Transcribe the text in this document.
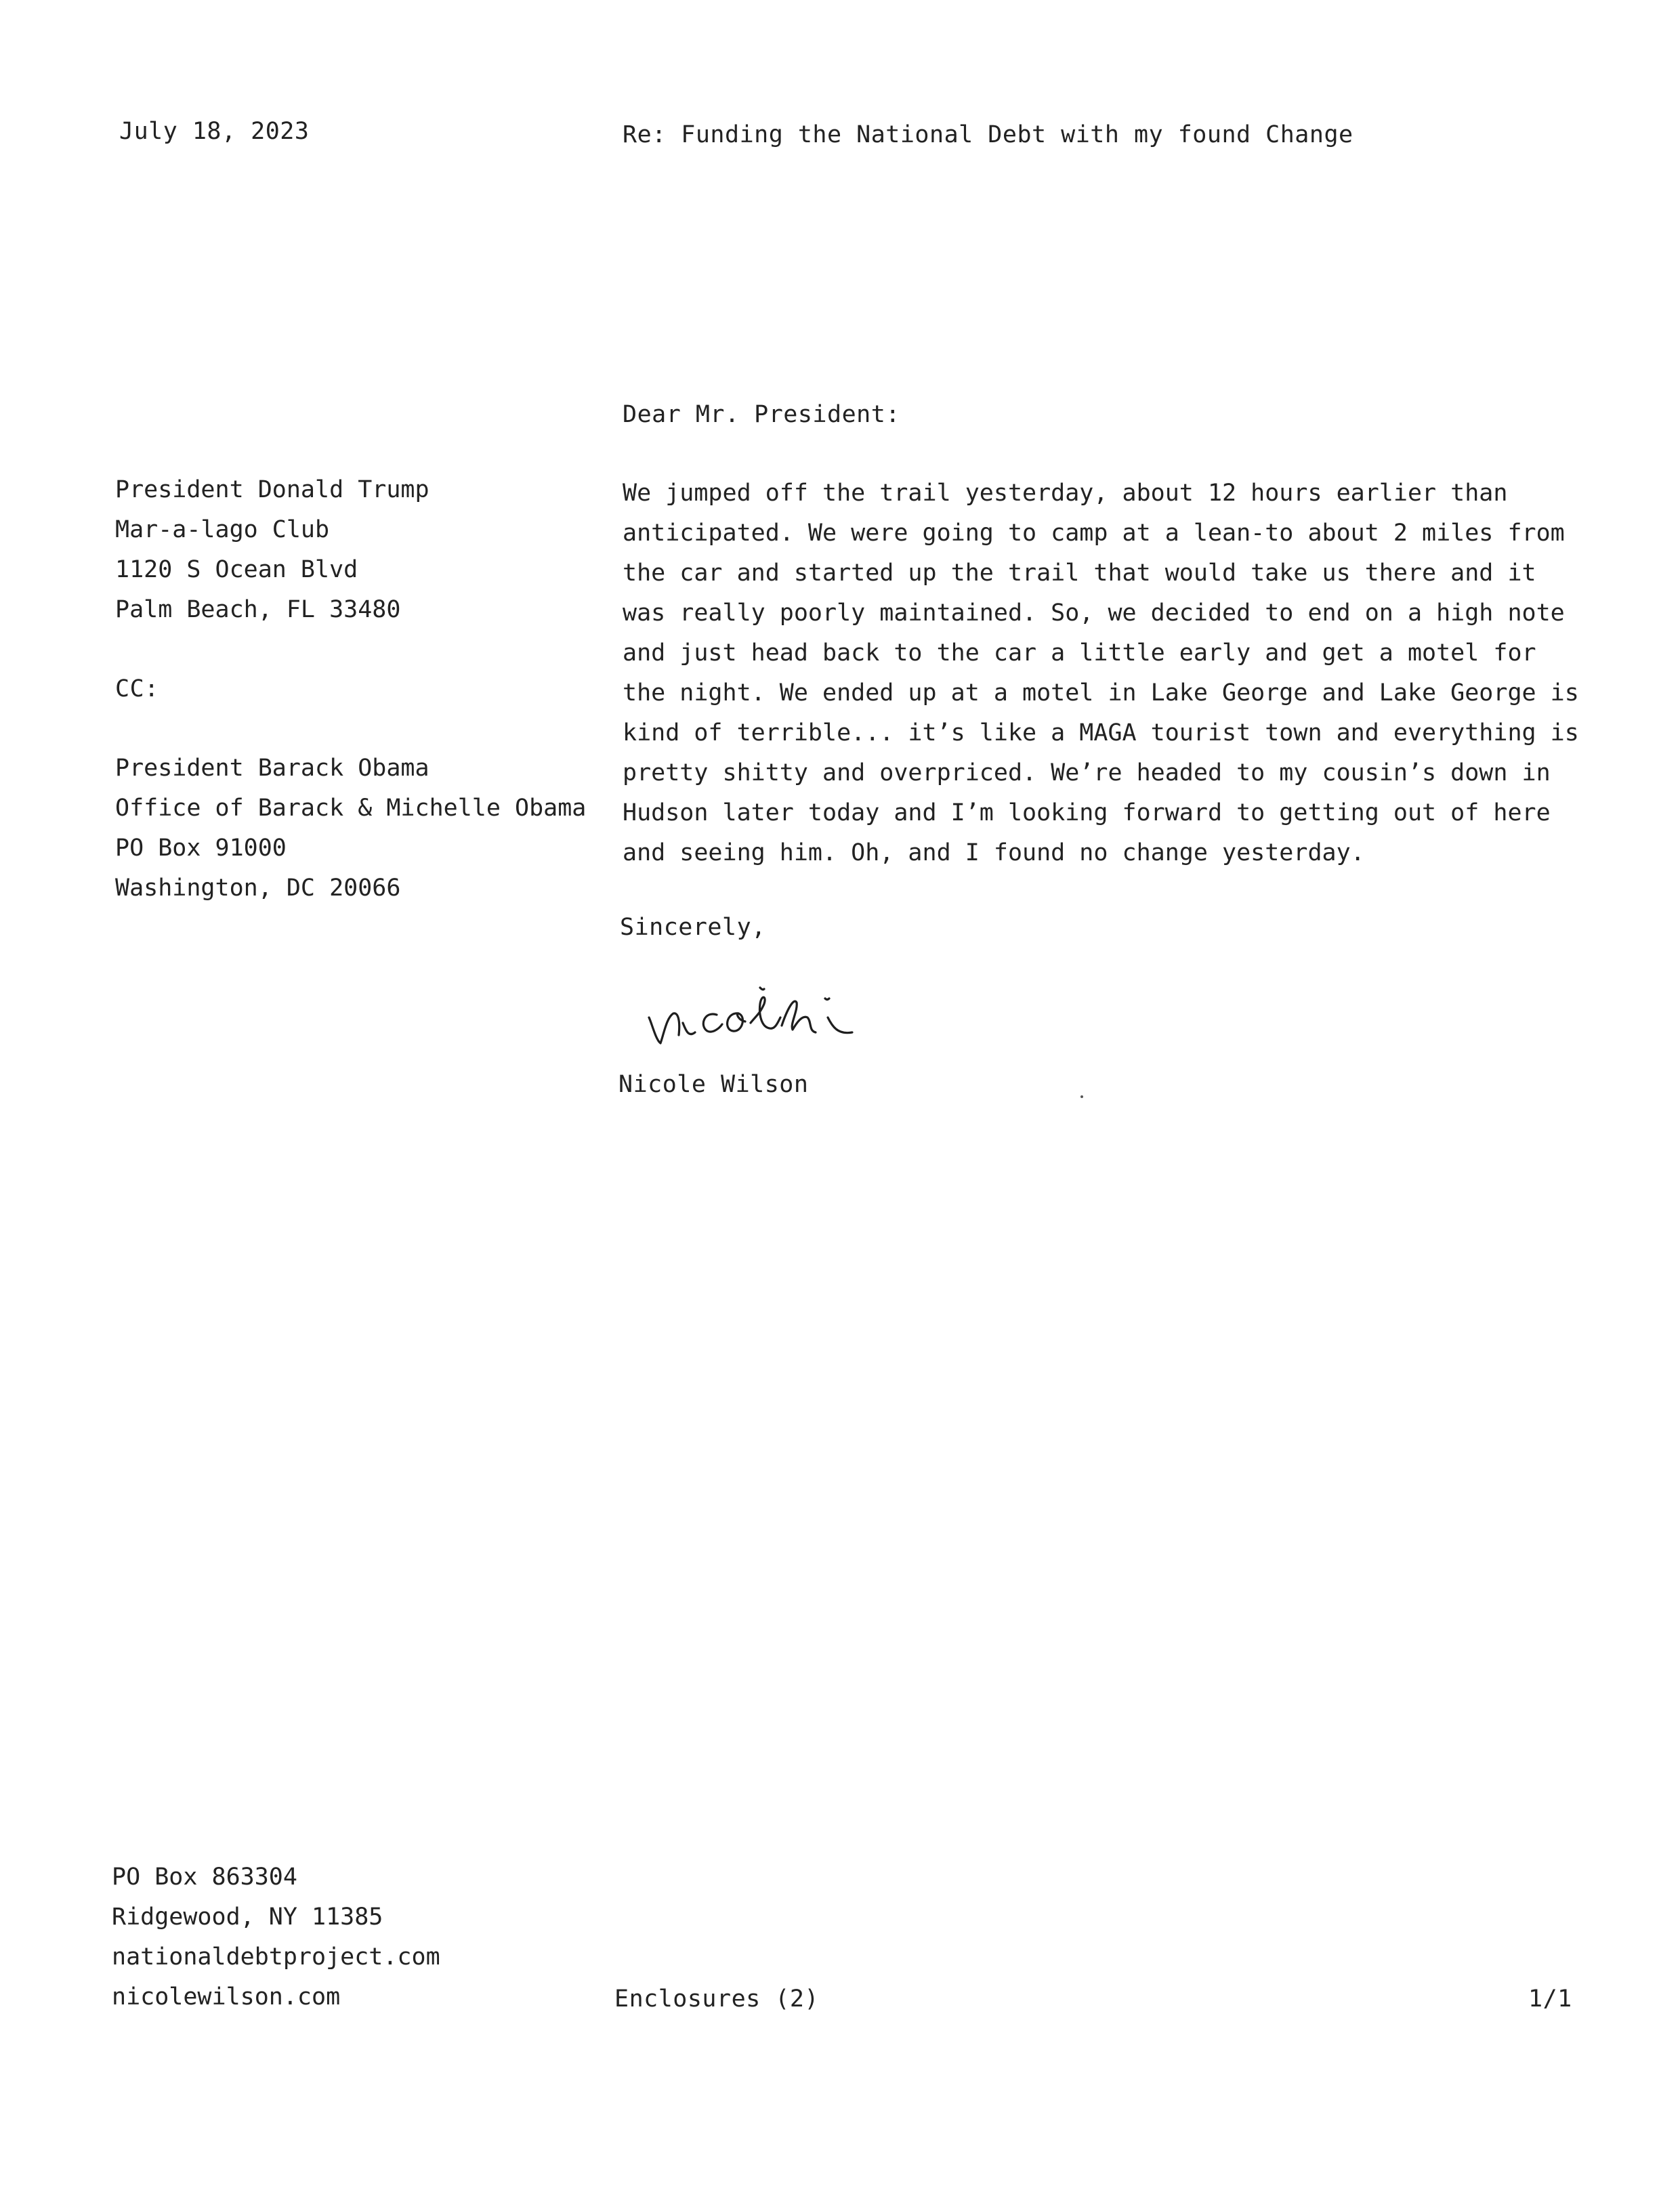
July 18, 2023	Re: Funding the National Debt with my found Change
Dear Mr. President:
President Donald Trump
Mar-a-lago Club
1120 S Ocean Blvd
Palm Beach, FL 33480
CC:
President Barack Obama
Office of Barack & Michelle Obama
PO Box 91000
Washington, DC 20066
We jumped off the trail yesterday, about 12 hours earlier than
anticipated. We were going to camp at a lean-to about 2 miles from
the car and started up the trail that would take us there and it
was really poorly maintained. So, we decided to end on a high note
and just head back to the car a little early and get a motel for
the night. We ended up at a motel in Lake George and Lake George is
kind of terrible... it’s like a MAGA tourist town and everything is
pretty shitty and overpriced. We’re headed to my cousin’s down in
Hudson later today and I’m looking forward to getting out of here
and seeing him. Oh, and I found no change yesterday.
Sincerely,
Nicole Wilson
PO Box 863304
Ridgewood, NY 11385
nationaldebtproject.com
nicolewilson.com	Enclosures (2)	1/1
